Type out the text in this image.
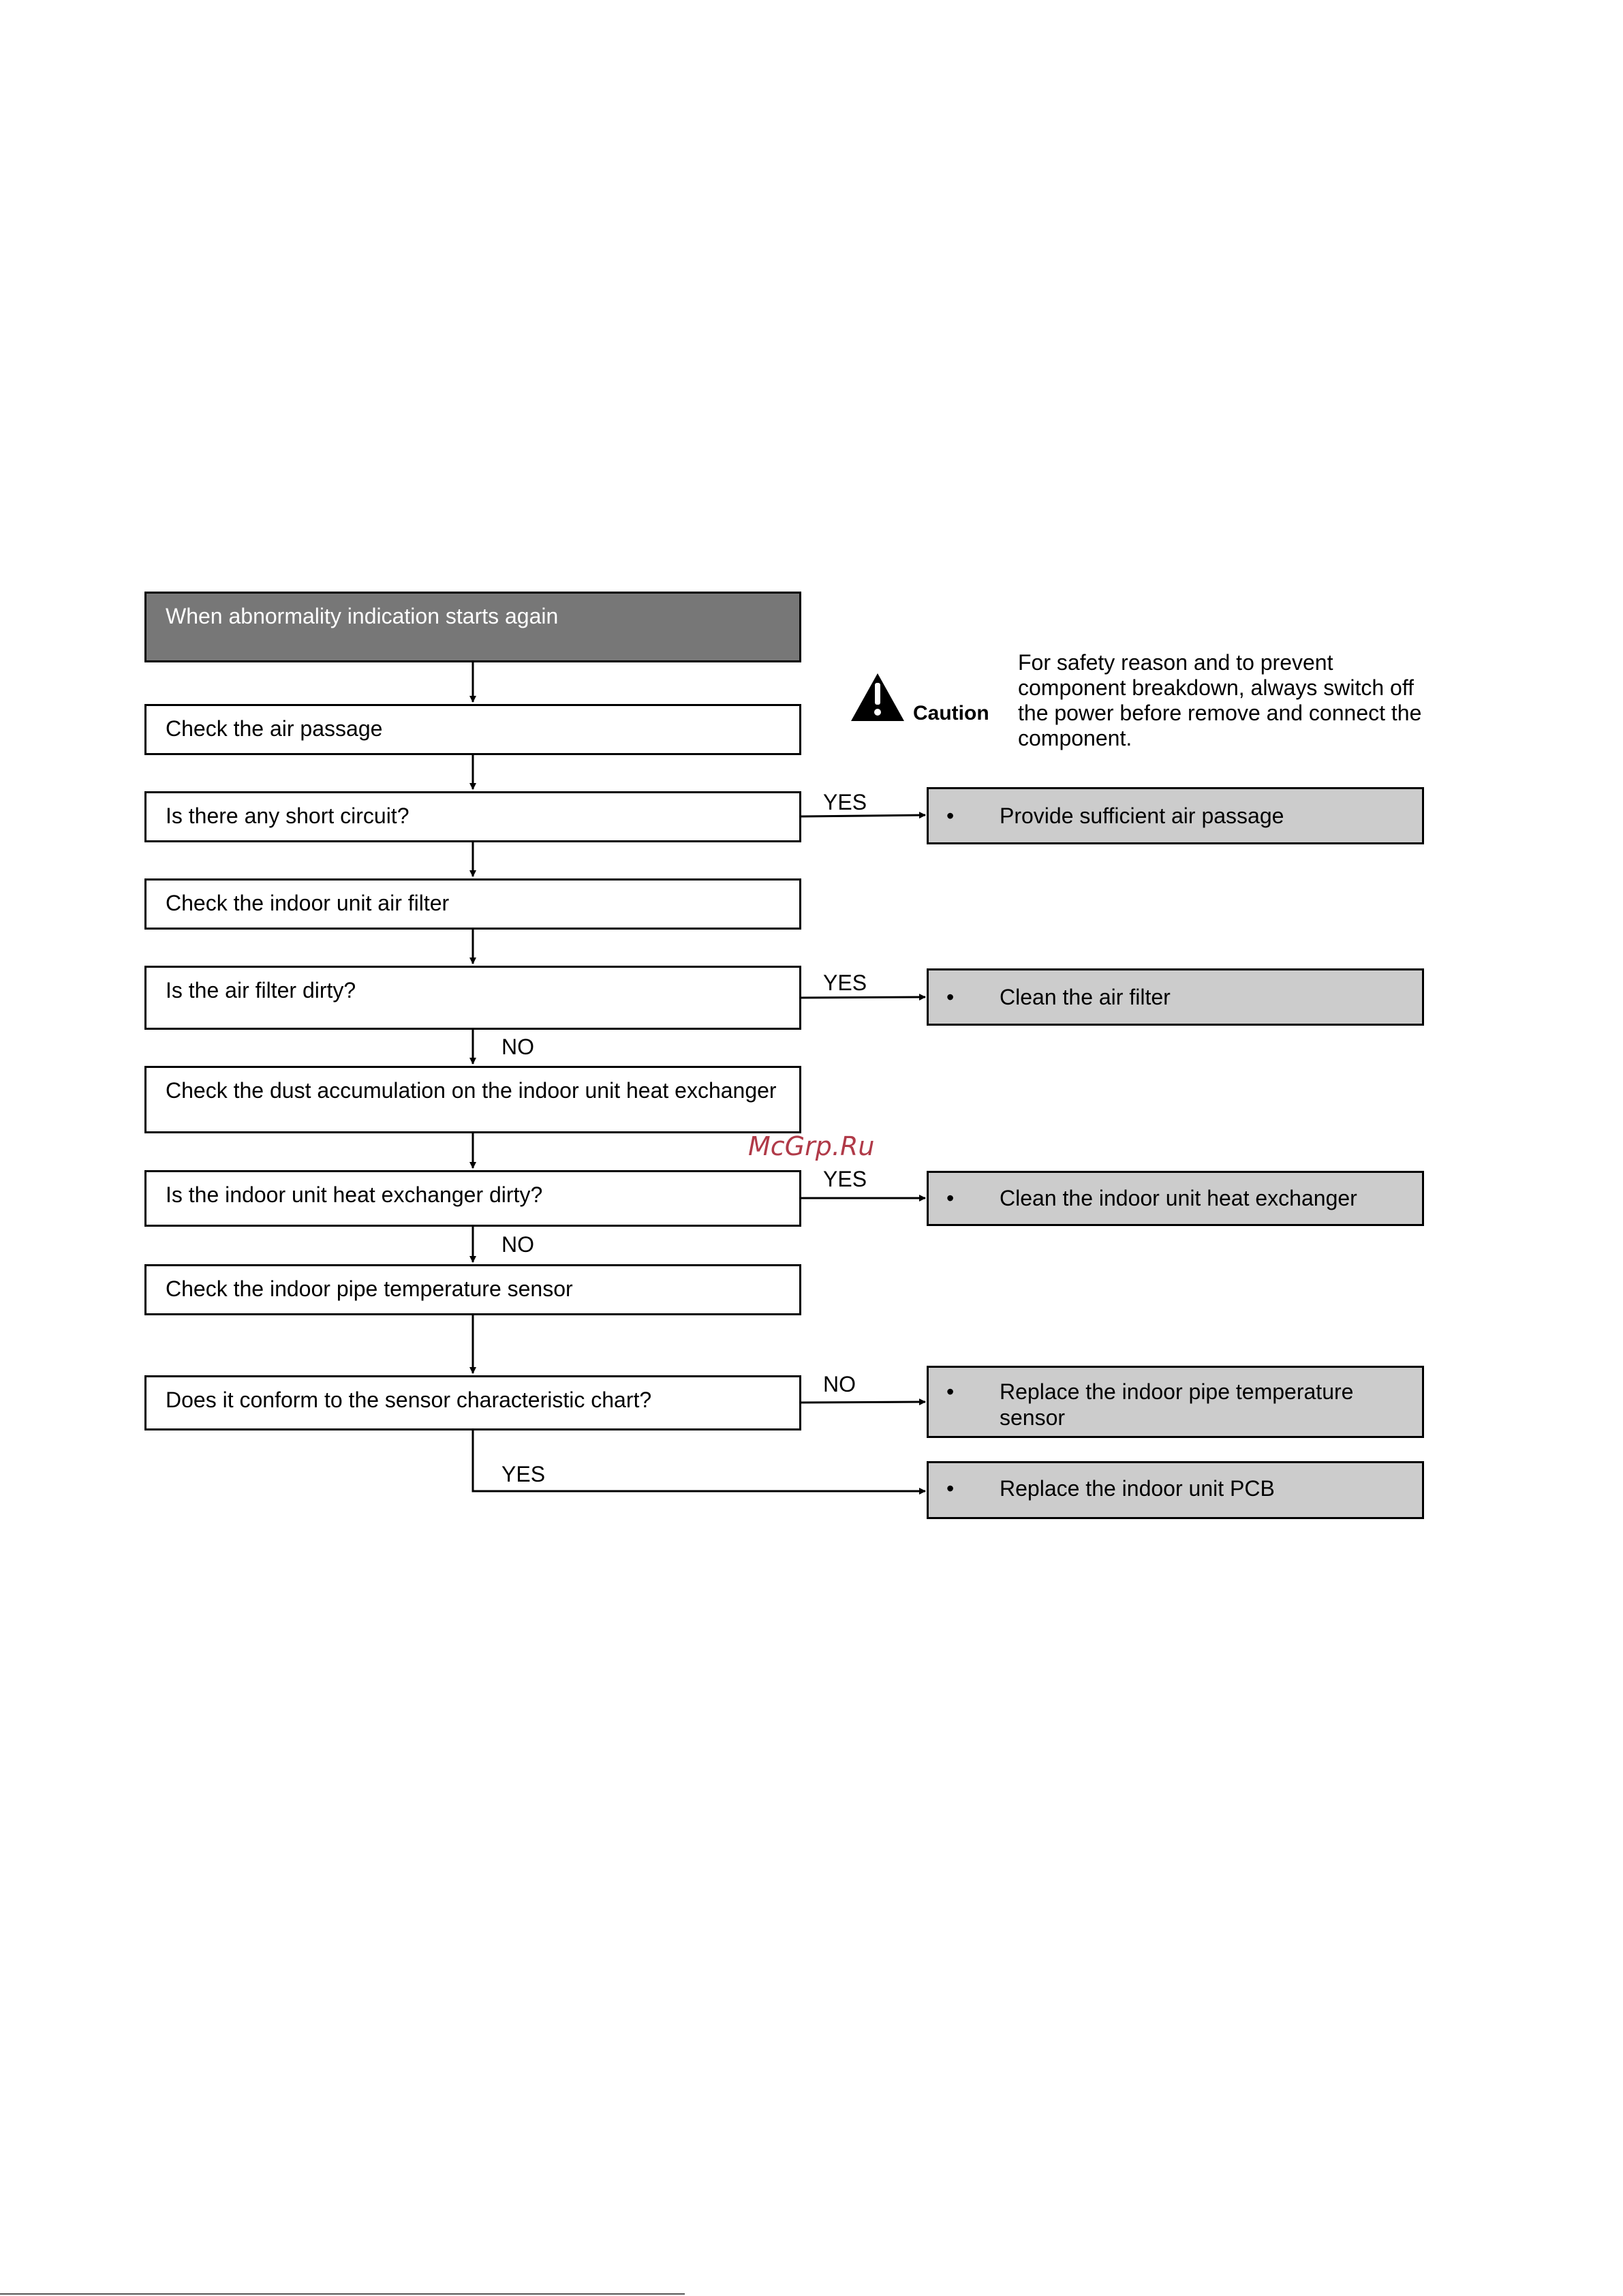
When abnormality indication starts again
Check the air passage
Is there any short circuit?
Check the indoor unit air filter
Is the air filter dirty?
Check the dust accumulation on the indoor unit heat exchanger
Is the indoor unit heat exchanger dirty?
Check the indoor pipe temperature sensor
Does it conform to the sensor characteristic chart?
• Provide sufficient air passage
• Clean the air filter
• Clean the indoor unit heat exchanger
• Replace the indoor pipe temperature sensor
• Replace the indoor unit PCB
YES
YES
NO
YES
NO
NO
YES
Caution
For safety reason and to prevent component breakdown, always switch off the power before remove and connect the component.
McGrp.Ru
